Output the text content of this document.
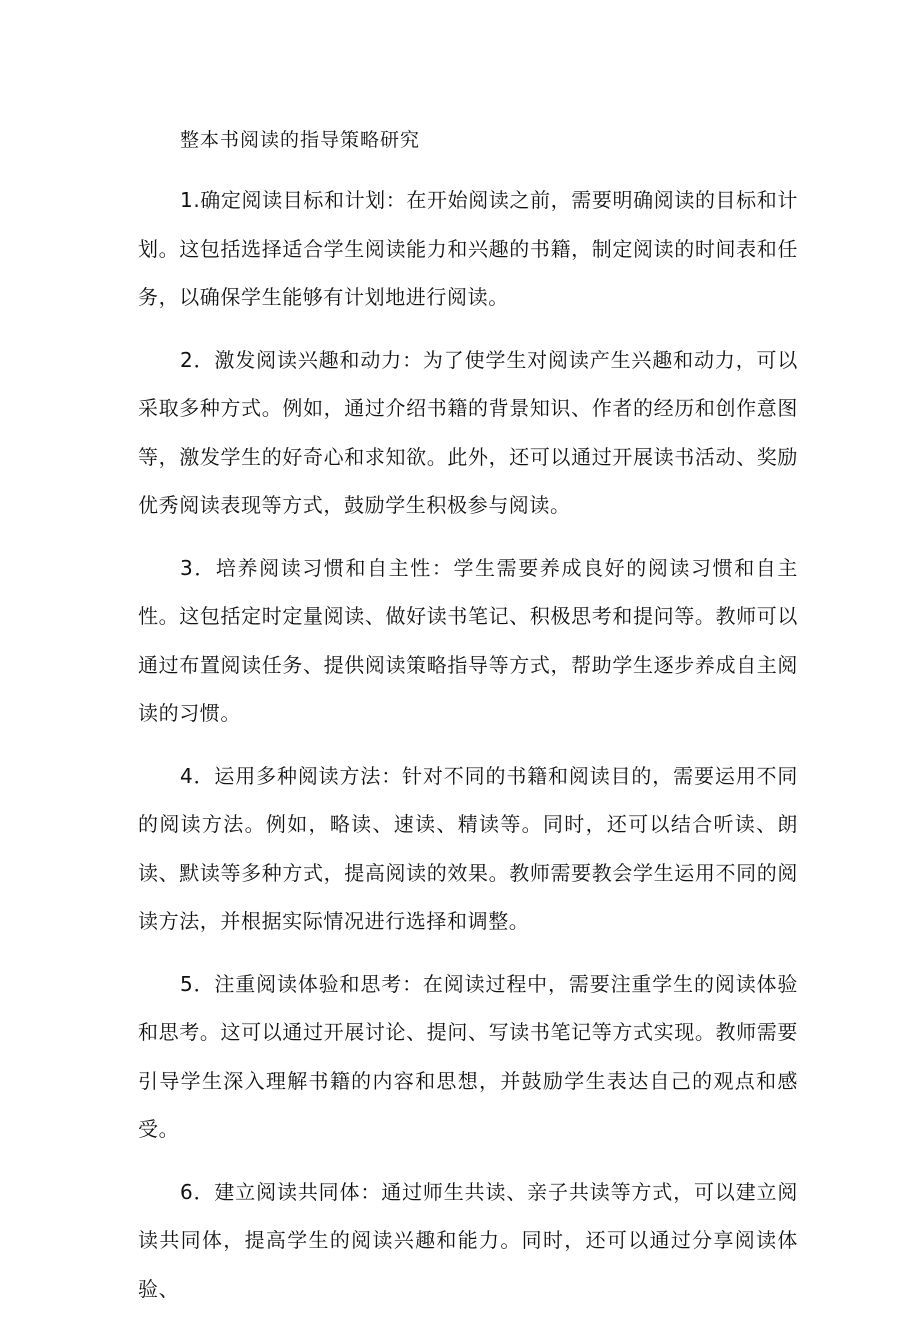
整本书阅读的指导策略研究

1.确定阅读目标和计划：在开始阅读之前，需要明确阅读的目标和计划。这包括选择适合学生阅读能力和兴趣的书籍，制定阅读的时间表和任务，以确保学生能够有计划地进行阅读。

2．激发阅读兴趣和动力：为了使学生对阅读产生兴趣和动力，可以采取多种方式。例如，通过介绍书籍的背景知识、作者的经历和创作意图等，激发学生的好奇心和求知欲。此外，还可以通过开展读书活动、奖励优秀阅读表现等方式，鼓励学生积极参与阅读。

3．培养阅读习惯和自主性：学生需要养成良好的阅读习惯和自主性。这包括定时定量阅读、做好读书笔记、积极思考和提问等。教师可以通过布置阅读任务、提供阅读策略指导等方式，帮助学生逐步养成自主阅读的习惯。

4．运用多种阅读方法：针对不同的书籍和阅读目的，需要运用不同的阅读方法。例如，略读、速读、精读等。同时，还可以结合听读、朗读、默读等多种方式，提高阅读的效果。教师需要教会学生运用不同的阅读方法，并根据实际情况进行选择和调整。

5．注重阅读体验和思考：在阅读过程中，需要注重学生的阅读体验和思考。这可以通过开展讨论、提问、写读书笔记等方式实现。教师需要引导学生深入理解书籍的内容和思想，并鼓励学生表达自己的观点和感受。

6．建立阅读共同体：通过师生共读、亲子共读等方式，可以建立阅读共同体，提高学生的阅读兴趣和能力。同时，还可以通过分享阅读体验、
